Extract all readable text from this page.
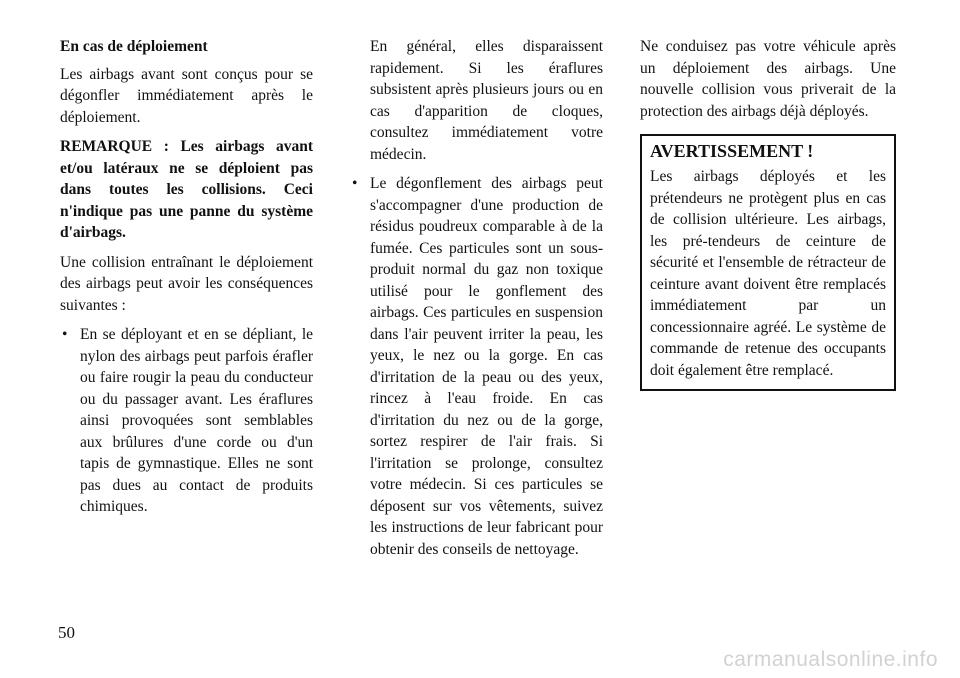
En cas de déploiement

Les airbags avant sont conçus pour se dégonfler immédiatement après le déploiement.

REMARQUE : Les airbags avant et/ou latéraux ne se déploient pas dans toutes les collisions. Ceci n'indique pas une panne du système d'airbags.

Une collision entraînant le déploiement des airbags peut avoir les conséquences suivantes :

• En se déployant et en se dépliant, le nylon des airbags peut parfois érafler ou faire rougir la peau du conducteur ou du passager avant. Les éraflures ainsi provoquées sont semblables aux brûlures d'une corde ou d'un tapis de gymnastique. Elles ne sont pas dues au contact de produits chimiques.
En général, elles disparaissent rapidement. Si les éraflures subsistent après plusieurs jours ou en cas d'apparition de cloques, consultez immédiatement votre médecin.
• Le dégonflement des airbags peut s'accompagner d'une production de résidus poudreux comparable à de la fumée. Ces particules sont un sous-produit normal du gaz non toxique utilisé pour le gonflement des airbags. Ces particules en suspension dans l'air peuvent irriter la peau, les yeux, le nez ou la gorge. En cas d'irritation de la peau ou des yeux, rincez à l'eau froide. En cas d'irritation du nez ou de la gorge, sortez respirer de l'air frais. Si l'irritation se prolonge, consultez votre médecin. Si ces particules se déposent sur vos vêtements, suivez les instructions de leur fabricant pour obtenir des conseils de nettoyage.

Ne conduisez pas votre véhicule après un déploiement des airbags. Une nouvelle collision vous priverait de la protection des airbags déjà déployés.

AVERTISSEMENT !

Les airbags déployés et les prétendeurs ne protègent plus en cas de collision ultérieure. Les airbags, les pré-tendeurs de ceinture de sécurité et l'ensemble de rétracteur de ceinture avant doivent être remplacés immédiatement par un concessionnaire agréé. Le système de commande de retenue des occupants doit également être remplacé.

50
carmanualsonline.info
